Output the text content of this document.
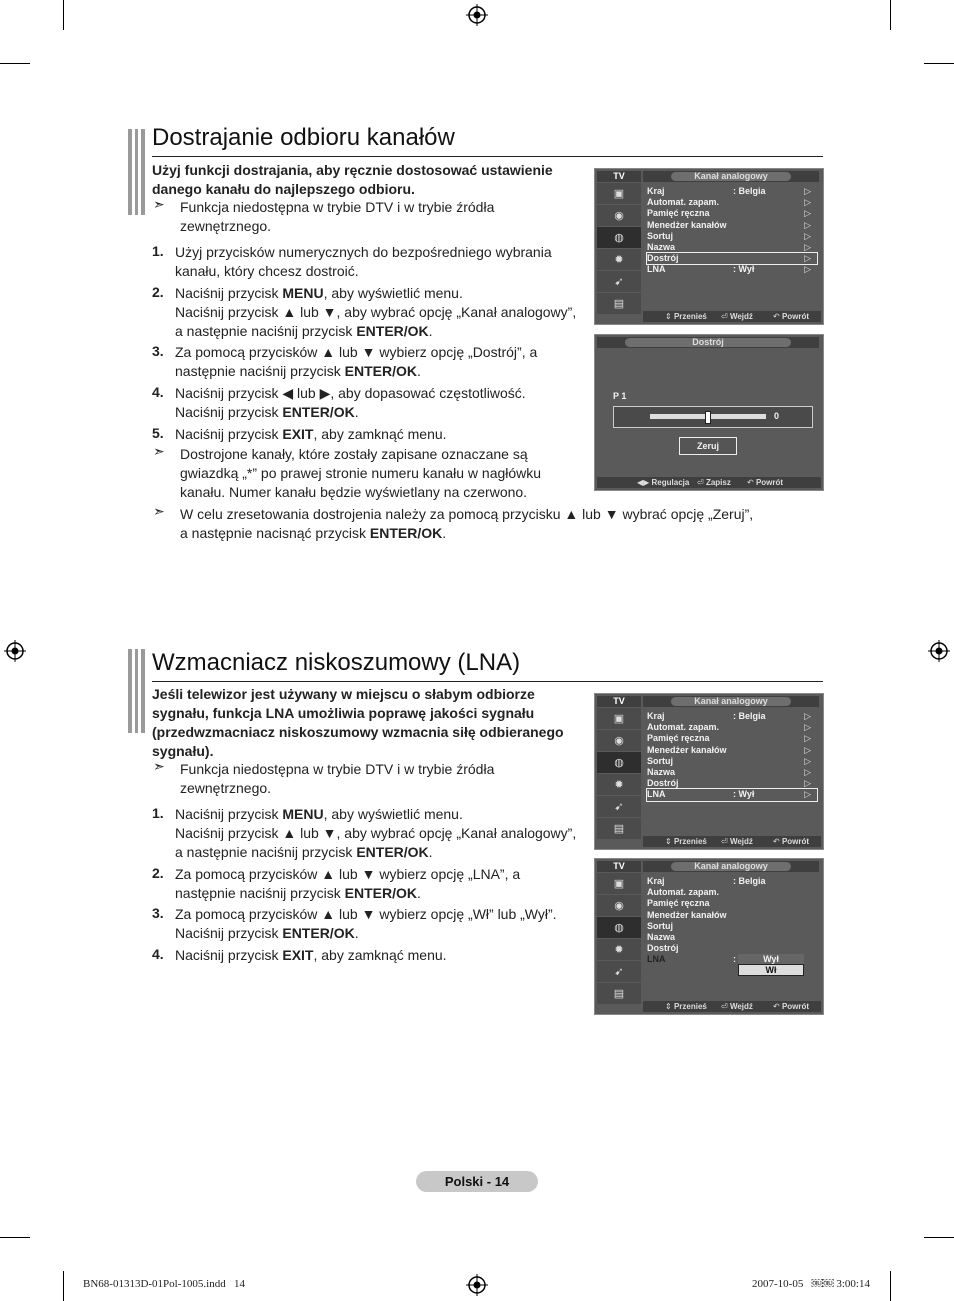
Dostrajanie odbioru kanałów
Użyj funkcji dostrajania, aby ręcznie dostosować ustawienie danego kanału do najlepszego odbioru.
➣ Funkcja niedostępna w trybie DTV i w trybie źródła zewnętrznego.
1. Użyj przycisków numerycznych do bezpośredniego wybrania kanału, który chcesz dostroić.
2. Naciśnij przycisk MENU, aby wyświetlić menu.
Naciśnij przycisk ▲ lub ▼, aby wybrać opcję „Kanał analogowy”,
a następnie naciśnij przycisk ENTER/OK.
3. Za pomocą przycisków ▲ lub ▼ wybierz opcję „Dostrój”, a
następnie naciśnij przycisk ENTER/OK.
4. Naciśnij przycisk ◀ lub ▶, aby dopasować częstotliwość.
Naciśnij przycisk ENTER/OK.
5. Naciśnij przycisk EXIT, aby zamknąć menu.
➣ Dostrojone kanały, które zostały zapisane oznaczane są gwiazdką „*” po prawej stronie numeru kanału w nagłówku kanału. Numer kanału będzie wyświetlany na czerwono.
➣ W celu zresetowania dostrojenia należy za pomocą przycisku ▲ lub ▼ wybrać opcję „Zeruj”,
a następnie nacisnąć przycisk ENTER/OK.
TV	Kanał analogowy
▣
◉
◍
✹
➹
▤
Kraj	: Belgia	▷
Automat. zapam.	▷
Pamięć ręczna	▷
Menedżer kanałów	▷
Sortuj	▷
Nazwa	▷
Dostrój	▷
LNA	: Wył	▷
⇕ Przenieś ⏎ Wejdź	↶ Powrót
Dostrój
P 1
0
Zeruj
◀▶ Regulacja ⏎ Zapisz ↶ Powrót
Wzmacniacz niskoszumowy (LNA)
Jeśli telewizor jest używany w miejscu o słabym odbiorze sygnału, funkcja LNA umożliwia poprawę jakości sygnału (przedwzmacniacz niskoszumowy wzmacnia siłę odbieranego sygnału).
➣ Funkcja niedostępna w trybie DTV i w trybie źródła zewnętrznego.
1. Naciśnij przycisk MENU, aby wyświetlić menu.
Naciśnij przycisk ▲ lub ▼, aby wybrać opcję „Kanał analogowy”,
a następnie naciśnij przycisk ENTER/OK.
2. Za pomocą przycisków ▲ lub ▼ wybierz opcję „LNA”, a
następnie naciśnij przycisk ENTER/OK.
3. Za pomocą przycisków ▲ lub ▼ wybierz opcję „Wł” lub „Wył”.
Naciśnij przycisk ENTER/OK.
4. Naciśnij przycisk EXIT, aby zamknąć menu.
TV	Kanał analogowy
▣
◉
◍
✹
➹
▤
Kraj	: Belgia	▷
Automat. zapam.	▷
Pamięć ręczna	▷
Menedżer kanałów	▷
Sortuj	▷
Nazwa	▷
Dostrój	▷
LNA	: Wył	▷
⇕ Przenieś ⏎ Wejdź	↶ Powrót
TV	Kanał analogowy
▣
◉
◍
✹
➹
▤
Kraj	: Belgia
Automat. zapam.
Pamięć ręczna
Menedżer kanałów
Sortuj
Nazwa
Dostrój
LNA	:	Wył
Wł
⇕ Przenieś ⏎ Wejdź	↶ Powrót
Polski - 14
BN68-01313D-01Pol-1005.indd   14	2007-10-05   ￼￼ 3:00:14
